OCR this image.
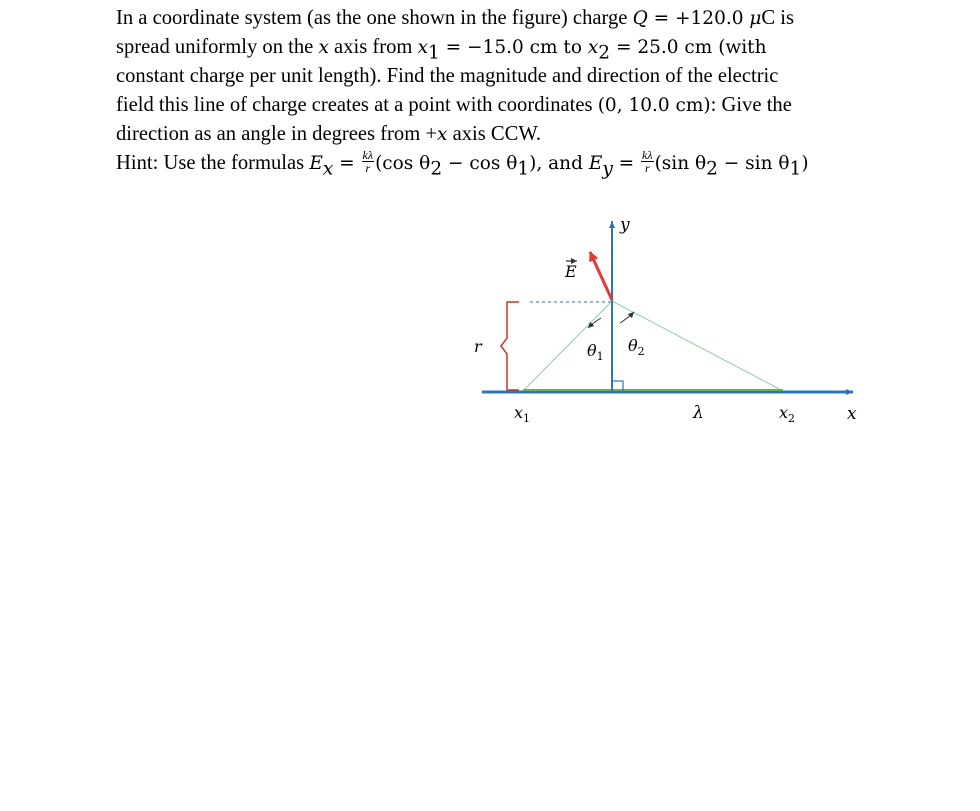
In a coordinate system (as the one shown in the figure) charge Q = +120.0 μC is

spread uniformly on the x axis from $x_1 = -15.0$ cm to $x_2 = 25.0$ cm (with

constant charge per unit length). Find the magnitude and direction of the electric

field this line of charge creates at a point with coordinates (0, 10.0 cm): Give the

direction as an angle in degrees from +x axis CCW.

Hint: Use the formulas $E_x = \frac{k\lambda}{r} (\cos$ $\theta_2 - \cos \theta_1$), and $E_y = \frac{k\lambda}{r} (\sin$ $\theta_2 - \sin \theta_1$)

y
x
E
r	$\theta_1$
$\theta_2$
$x_1$	λ	$x_2$
